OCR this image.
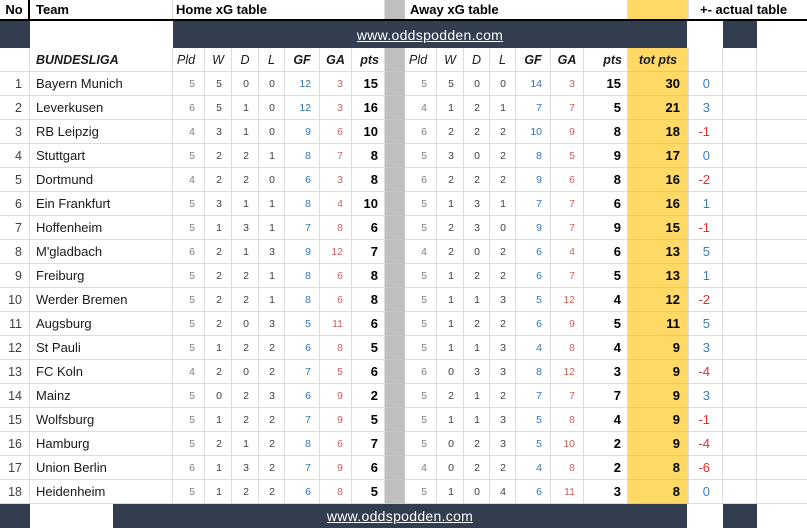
No	Team	Home xG table	Away xG table	+- actual table
www.oddspodden.com
BUNDESLIGA	Pld	W	D	L	GF	GA	pts	Pld	W	D	L	GF	GA	pts	tot pts
1	Bayern Munich	5	5	0	0	12	3	15	5	5	0	0	14	3	15	30	0
2	Leverkusen	6	5	1	0	12	3	16	4	1	2	1	7	7	5	21	3
3	RB Leipzig	4	3	1	0	9	6	10	6	2	2	2	10	9	8	18	-1
4	Stuttgart	5	2	2	1	8	7	8	5	3	0	2	8	5	9	17	0
5	Dortmund	4	2	2	0	6	3	8	6	2	2	2	9	6	8	16	-2
6	Ein Frankfurt	5	3	1	1	8	4	10	5	1	3	1	7	7	6	16	1
7	Hoffenheim	5	1	3	1	7	8	6	5	2	3	0	9	7	9	15	-1
8	M'gladbach	6	2	1	3	9	12	7	4	2	0	2	6	4	6	13	5
9	Freiburg	5	2	2	1	8	6	8	5	1	2	2	6	7	5	13	1
10	Werder Bremen	5	2	2	1	8	6	8	5	1	1	3	5	12	4	12	-2
11	Augsburg	5	2	0	3	5	11	6	5	1	2	2	6	9	5	11	5
12	St Pauli	5	1	2	2	6	8	5	5	1	1	3	4	8	4	9	3
13	FC Koln	4	2	0	2	7	5	6	6	0	3	3	8	12	3	9	-4
14	Mainz	5	0	2	3	6	9	2	5	2	1	2	7	7	7	9	3
15	Wolfsburg	5	1	2	2	7	9	5	5	1	1	3	5	8	4	9	-1
16	Hamburg	5	2	1	2	8	6	7	5	0	2	3	5	10	2	9	-4
17	Union Berlin	6	1	3	2	7	9	6	4	0	2	2	4	8	2	8	-6
18	Heidenheim	5	1	2	2	6	8	5	5	1	0	4	6	11	3	8	0
www.oddspodden.com
